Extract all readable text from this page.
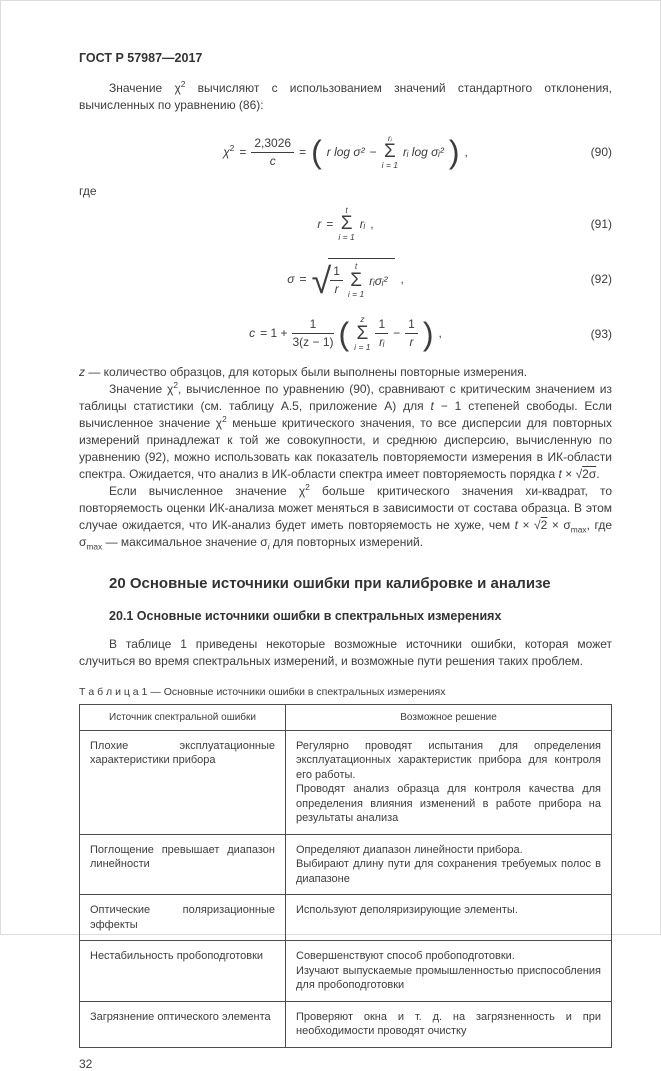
ГОСТ Р 57987—2017

Значение $\chi^2$ вычисляют с использованием значений стандартного отклонения, вычисленных по уравнению (86):

$\chi^2 = \frac{2,3026}{c}$ = ( r log σ² −
rᵢ
Σ
i = 1
rᵢ log σᵢ² ) ,	(90)

где

r =
t
Σ
i = 1
rᵢ ,	(91)
σ = √ $\frac{1}{r}$ t
Σ
i = 1
rᵢσᵢ² ,	(92)
$c = 1 + \frac{1}{3(z - 1)}$ ( z
Σ
$i = 1 \frac{1}{\text{rᵢ}} - \frac{1}{r}$ ) ,	(93)

z — количество образцов, для которых были выполнены повторные измерения.

Значение $\chi^2$, вычисленное по уравнению (90), сравнивают с критическим значением из таблицы статистики (см. таблицу А.5, приложение А) для t − 1 степеней свободы. Если вычисленное значение $\chi^2$ меньше критического значения, то все дисперсии для повторных измерений принадлежат к той же совокупности, и среднюю дисперсию, вычисленную по уравнению (92), можно использовать как показатель повторяемости измерения в ИК-области спектра. Ожидается, что анализ в ИК-области спектра имеет повторяемость порядка t × √2σ.

Если вычисленное значение $\chi^2$ больше критического значения хи-квадрат, то повторяемость оценки ИК-анализа может меняться в зависимости от состава образца. В этом случае ожидается, что ИК-анализ будет иметь повторяемость не хуже, чем $t \times √2 \times \sigma_{max}$, где $\sigma_{max}$ — максимальное значение $\sigma_i$ для повторных измерений.

20 Основные источники ошибки при калибровке и анализе
20.1 Основные источники ошибки в спектральных измерениях

В таблице 1 приведены некоторые возможные источники ошибки, которая может случиться во время спектральных измерений, и возможные пути решения таких проблем.

Т а б л и ц а 1 — Основные источники ошибки в спектральных измерениях
Источник спектральной ошибки	Возможное решение
Плохие эксплуатационные характеристики прибора	Регулярно проводят испытания для определения эксплуатационных характеристик прибора для контроля его работы.
Проводят анализ образца для контроля качества для определения влияния изменений в работе прибора на результаты анализа
Поглощение превышает диапазон линейности	Определяют диапазон линейности прибора.
Выбирают длину пути для сохранения требуемых полос в диапазоне
Оптические поляризационные эффекты	Используют деполяризирующие элементы.
Нестабильность пробоподготовки	Совершенствуют способ пробоподготовки.
Изучают выпускаемые промышленностью приспособления для пробоподготовки
Загрязнение оптического элемента	Проверяют окна и т. д. на загрязненность и при необходимости проводят очистку
32
